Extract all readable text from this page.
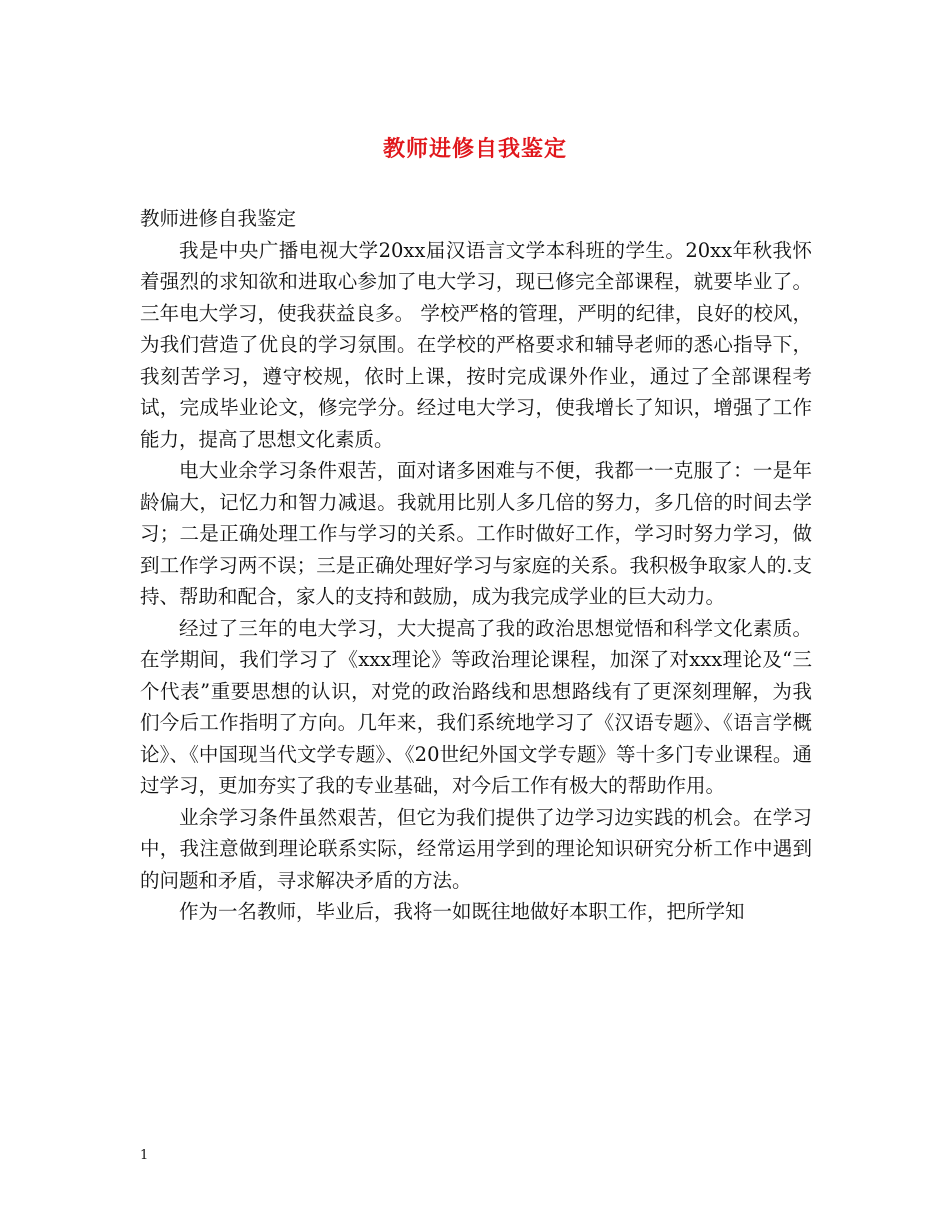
教师进修自我鉴定

教师进修自我鉴定

我是中央广播电视大学20xx届汉语言文学本科班的学生。20xx年秋我怀着强烈的求知欲和进取心参加了电大学习，现已修完全部课程，就要毕业了。三年电大学习，使我获益良多。 学校严格的管理，严明的纪律，良好的校风，为我们营造了优良的学习氛围。在学校的严格要求和辅导老师的悉心指导下，我刻苦学习，遵守校规，依时上课，按时完成课外作业，通过了全部课程考试，完成毕业论文，修完学分。经过电大学习，使我增长了知识，增强了工作能力，提高了思想文化素质。

电大业余学习条件艰苦，面对诸多困难与不便，我都一一克服了：一是年龄偏大，记忆力和智力减退。我就用比别人多几倍的努力，多几倍的时间去学习；二是正确处理工作与学习的关系。工作时做好工作，学习时努力学习，做到工作学习两不误；三是正确处理好学习与家庭的关系。我积极争取家人的.支持、帮助和配合，家人的支持和鼓励，成为我完成学业的巨大动力。

经过了三年的电大学习，大大提高了我的政治思想觉悟和科学文化素质。在学期间，我们学习了《xxx理论》等政治理论课程，加深了对xxx理论及“三个代表”重要思想的认识，对党的政治路线和思想路线有了更深刻理解，为我们今后工作指明了方向。几年来，我们系统地学习了《汉语专题》、《语言学概论》、《中国现当代文学专题》、《20世纪外国文学专题》等十多门专业课程。通过学习，更加夯实了我的专业基础，对今后工作有极大的帮助作用。

业余学习条件虽然艰苦，但它为我们提供了边学习边实践的机会。在学习中，我注意做到理论联系实际，经常运用学到的理论知识研究分析工作中遇到的问题和矛盾，寻求解决矛盾的方法。

作为一名教师，毕业后，我将一如既往地做好本职工作，把所学知

1
